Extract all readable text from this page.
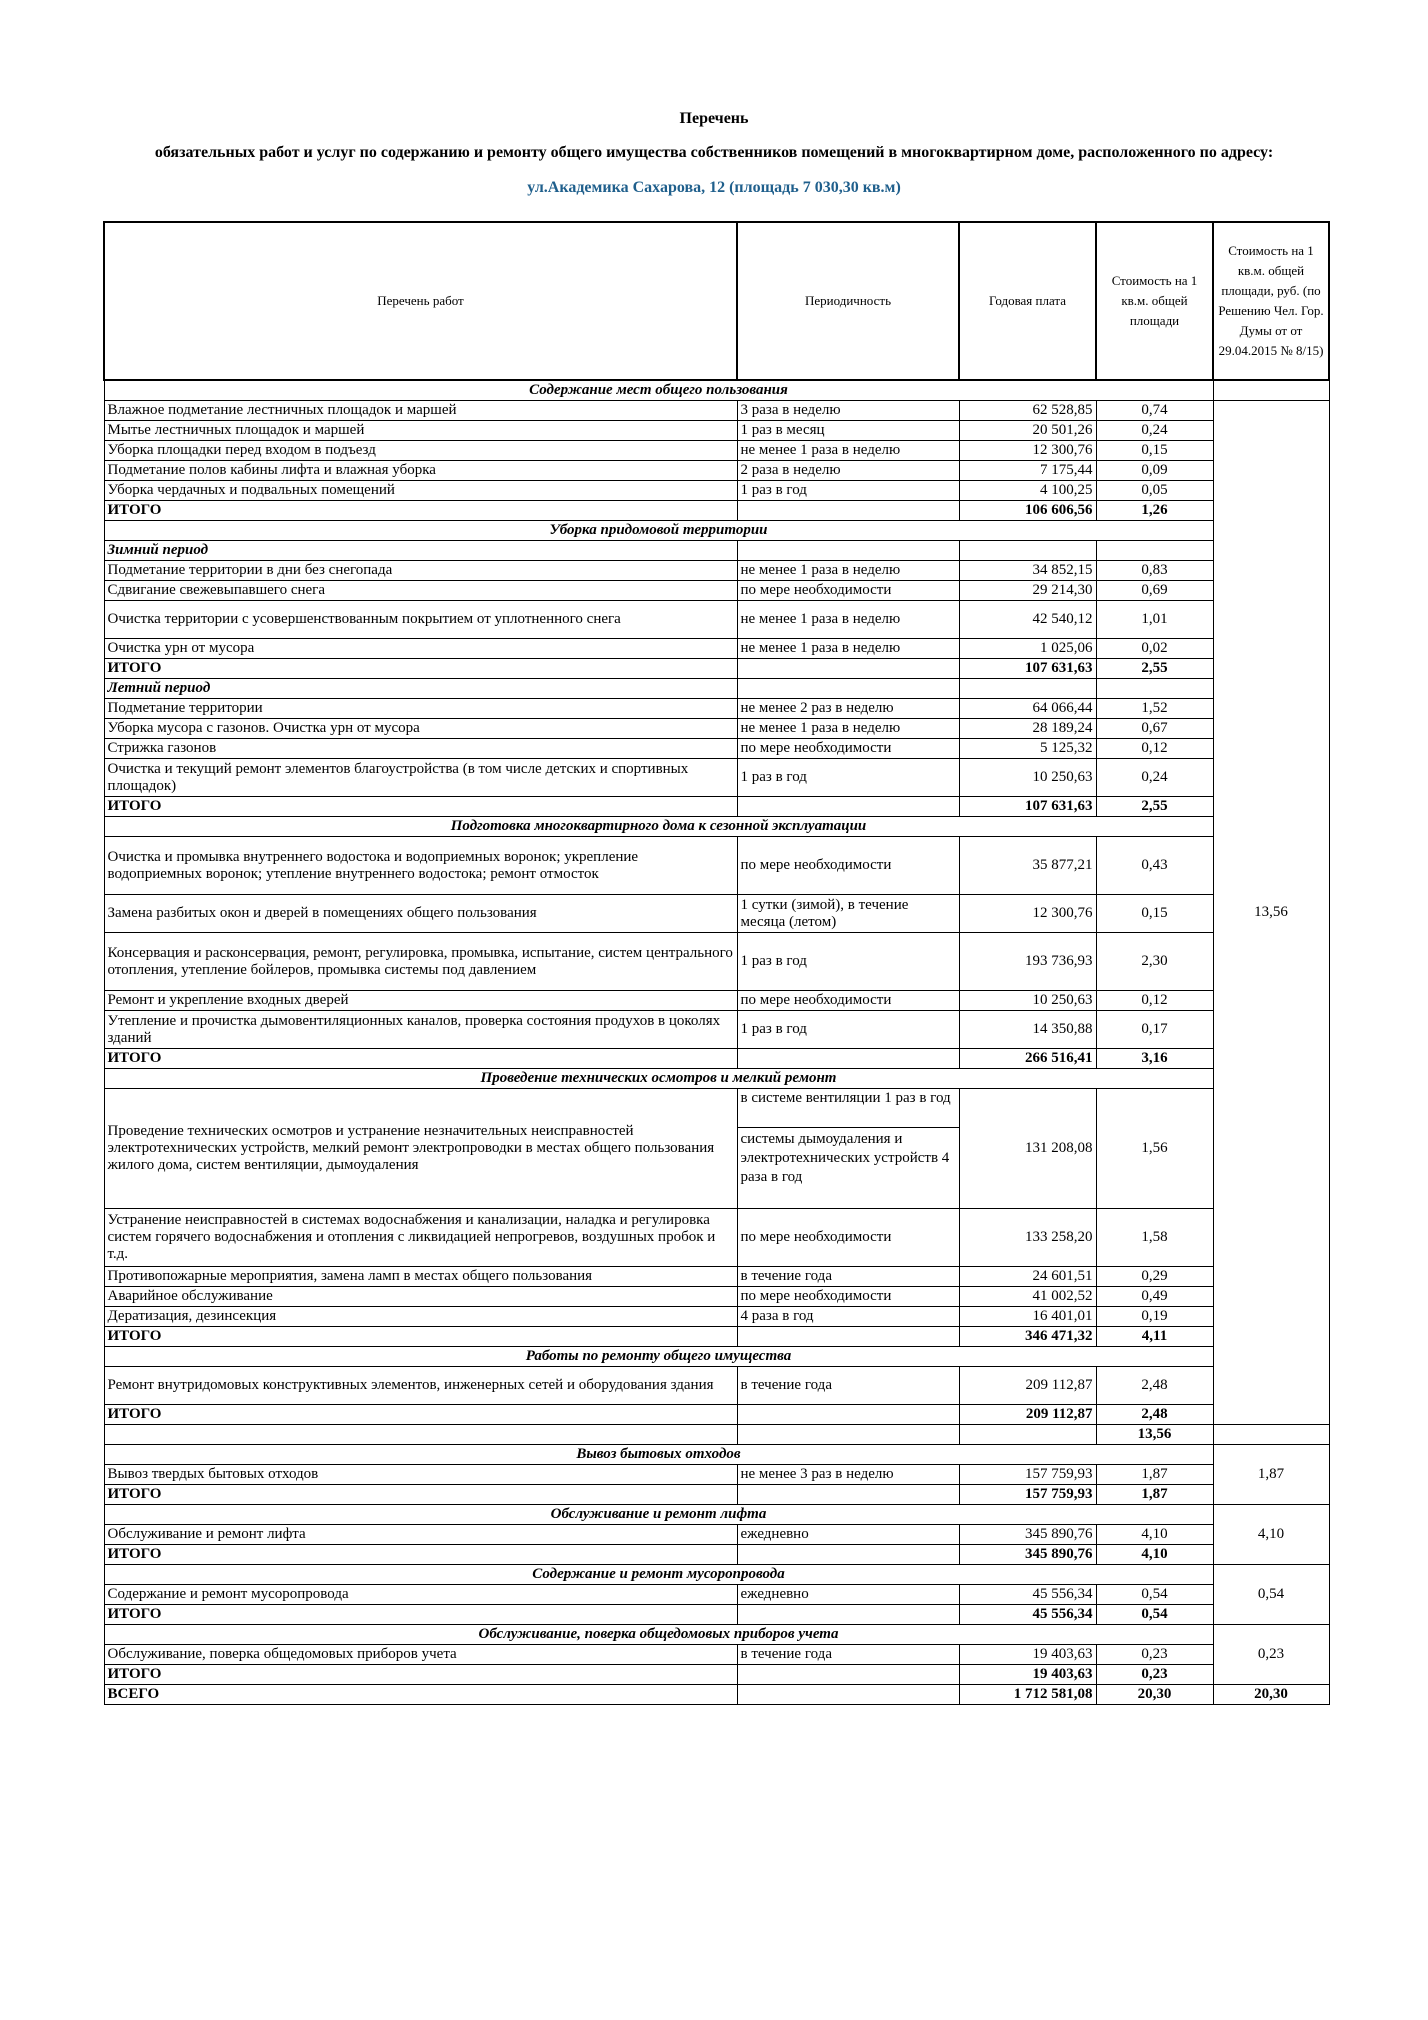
Перечень
обязательных работ и услуг по содержанию и ремонту общего имущества собственников помещений в многоквартирном доме, расположенного по адресу:
ул.Академика Сахарова, 12 (площадь 7 030,30 кв.м)
Перечень работ	Периодичность	Годовая плата	Стоимость на 1 кв.м. общей площади	Стоимость на 1 кв.м. общей площади, руб. (по Решению Чел. Гор. Думы от от 29.04.2015 № 8/15)
Содержание мест общего пользования				
Влажное подметание лестничных площадок и маршей	3 раза в неделю	62 528,85	0,74	13,56
Мытье лестничных площадок и маршей	1 раз в месяц	20 501,26	0,24	
Уборка площадки перед входом в подъезд	не менее 1 раза в неделю	12 300,76	0,15	
Подметание полов кабины лифта и влажная уборка	2 раза в неделю	7 175,44	0,09	
Уборка чердачных и подвальных помещений	1 раз в год	4 100,25	0,05	
ИТОГО		106 606,56	1,26	
Уборка придомовой территории				
Зимний период				
Подметание территории в дни без снегопада	не менее 1 раза в неделю	34 852,15	0,83	
Сдвигание свежевыпавшего снега	по мере необходимости	29 214,30	0,69	
Очистка территории с усовершенствованным покрытием от уплотненного снега	не менее 1 раза в неделю	42 540,12	1,01	
Очистка урн от мусора	не менее 1 раза в неделю	1 025,06	0,02	
ИТОГО		107 631,63	2,55	
Летний период				
Подметание территории	не менее 2 раз в неделю	64 066,44	1,52	
Уборка мусора с газонов. Очистка урн от мусора	не менее 1 раза в неделю	28 189,24	0,67	
Стрижка газонов	по мере необходимости	5 125,32	0,12	
Очистка и текущий ремонт элементов благоустройства (в том числе детских и спортивных площадок)	1 раз в год	10 250,63	0,24	
ИТОГО		107 631,63	2,55	
Подготовка многоквартирного дома к сезонной эксплуатации				
Очистка и промывка внутреннего водостока и водоприемных воронок; укрепление водоприемных воронок; утепление внутреннего водостока; ремонт отмосток	по мере необходимости	35 877,21	0,43	
Замена разбитых окон и дверей в помещениях общего пользования	1 сутки (зимой), в течение месяца (летом)	12 300,76	0,15	
Консервация и расконсервация, ремонт, регулировка, промывка, испытание, систем центрального отопления, утепление бойлеров, промывка системы под давлением	1 раз в год	193 736,93	2,30	
Ремонт и укрепление входных дверей	по мере необходимости	10 250,63	0,12	
Утепление и прочистка дымовентиляционных каналов, проверка состояния продухов в цоколях зданий	1 раз в год	14 350,88	0,17	
ИТОГО		266 516,41	3,16	
Проведение технических осмотров и мелкий ремонт				
Проведение технических осмотров и устранение незначительных неисправностей электротехнических устройств, мелкий ремонт электропроводки в местах общего пользования жилого дома, систем вентиляции, дымоудаления	в системе вентиляции 1 раз в год
системы дымоудаления и электротехнических устройств 4 раза в год	131 208,08	1,56	
Устранение неисправностей в системах водоснабжения и канализации, наладка и регулировка систем горячего водоснабжения и отопления с ликвидацией непрогревов, воздушных пробок и т.д.	по мере необходимости	133 258,20	1,58	
Противопожарные мероприятия, замена ламп в местах общего пользования	в течение года	24 601,51	0,29	
Аварийное обслуживание	по мере необходимости	41 002,52	0,49	
Дератизация, дезинсекция	4 раза в год	16 401,01	0,19	
ИТОГО		346 471,32	4,11	
Работы по ремонту общего имущества				
Ремонт внутридомовых конструктивных элементов, инженерных сетей и оборудования здания	в течение года	209 112,87	2,48	
ИТОГО		209 112,87	2,48	
			13,56	
Вывоз бытовых отходов				1,87
Вывоз твердых бытовых отходов	не менее 3 раз в неделю	157 759,93	1,87	
ИТОГО		157 759,93	1,87	
Обслуживание и ремонт лифта				4,10
Обслуживание и ремонт лифта	ежедневно	345 890,76	4,10	
ИТОГО		345 890,76	4,10	
Содержание и ремонт мусоропровода				0,54
Содержание и ремонт мусоропровода	ежедневно	45 556,34	0,54	
ИТОГО		45 556,34	0,54	
Обслуживание, поверка общедомовых приборов учета				0,23
Обслуживание, поверка общедомовых приборов учета	в течение года	19 403,63	0,23	
ИТОГО		19 403,63	0,23	
ВСЕГО		1 712 581,08	20,30	20,30
